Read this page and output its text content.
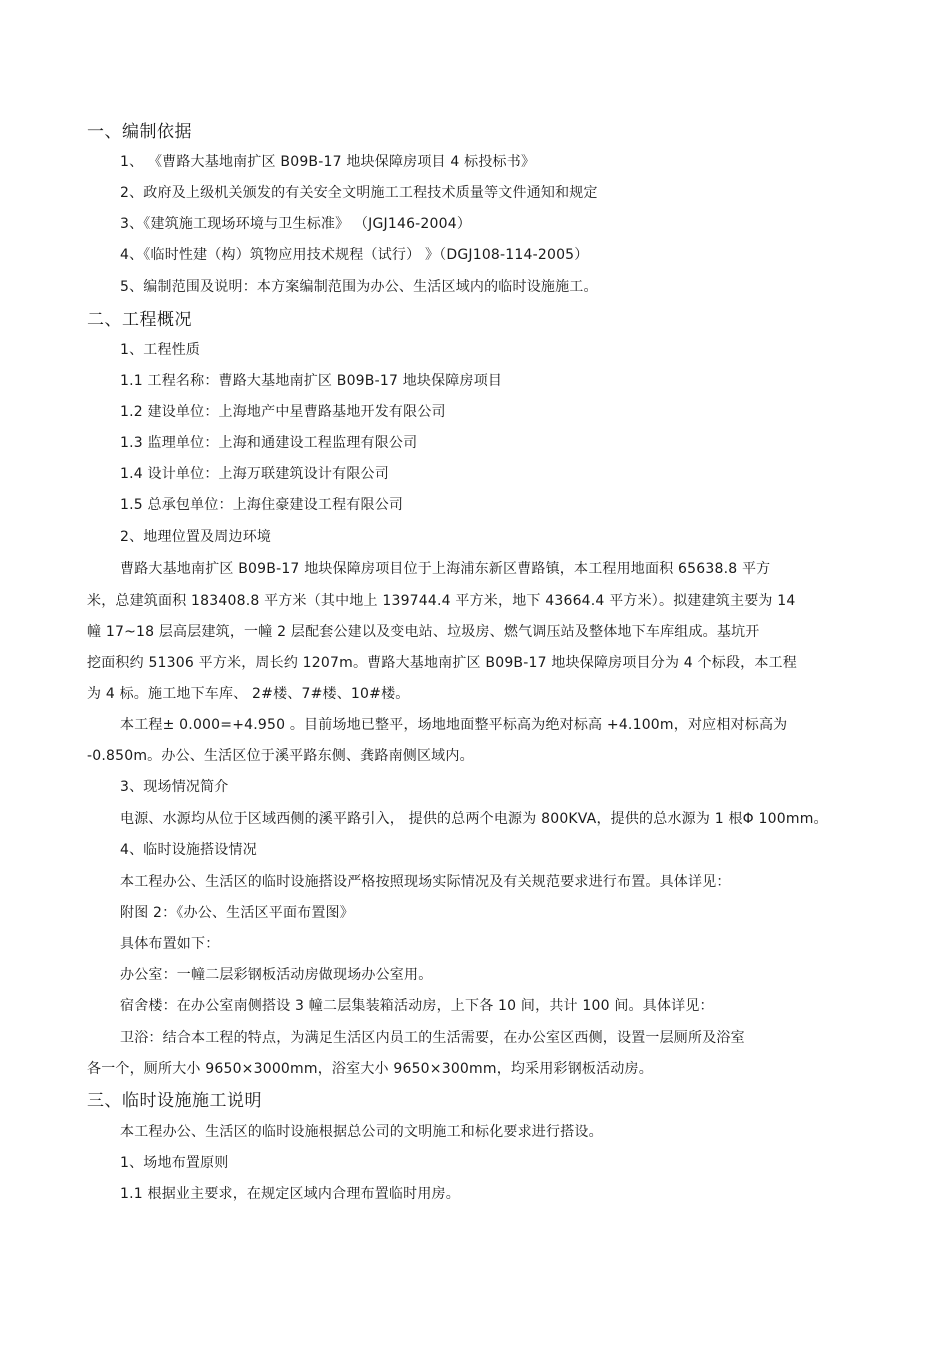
一、编制依据
1、 《曹路大基地南扩区 B09B-17 地块保障房项目 4 标投标书》
2、政府及上级机关颁发的有关安全文明施工工程技术质量等文件通知和规定
3、《建筑施工现场环境与卫生标准》 （JGJ146-2004）
4、《临时性建（构）筑物应用技术规程（试行） 》（DGJ108-114-2005）
5、编制范围及说明：本方案编制范围为办公、生活区域内的临时设施施工。
二、工程概况
1、工程性质
1.1 工程名称：曹路大基地南扩区 B09B-17 地块保障房项目
1.2 建设单位：上海地产中星曹路基地开发有限公司
1.3 监理单位：上海和通建设工程监理有限公司
1.4 设计单位：上海万联建筑设计有限公司
1.5 总承包单位：上海住豪建设工程有限公司
2、地理位置及周边环境
曹路大基地南扩区 B09B-17 地块保障房项目位于上海浦东新区曹路镇，本工程用地面积 65638.8 平方
米，总建筑面积 183408.8 平方米（其中地上 139744.4 平方米，地下 43664.4 平方米）。拟建建筑主要为 14
幢 17~18 层高层建筑，一幢 2 层配套公建以及变电站、垃圾房、燃气调压站及整体地下车库组成。基坑开
挖面积约 51306 平方米，周长约 1207m。曹路大基地南扩区 B09B-17 地块保障房项目分为 4 个标段，本工程
为 4 标。施工地下车库、 2#楼、7#楼、10#楼。
本工程± 0.000=+4.950 。目前场地已整平，场地地面整平标高为绝对标高 +4.100m，对应相对标高为
-0.850m。办公、生活区位于溪平路东侧、龚路南侧区域内。
3、现场情况简介
电源、水源均从位于区域西侧的溪平路引入， 提供的总两个电源为 800KVA，提供的总水源为 1 根Φ 100mm。
4、临时设施搭设情况
本工程办公、生活区的临时设施搭设严格按照现场实际情况及有关规范要求进行布置。具体详见：
附图 2：《办公、生活区平面布置图》
具体布置如下：
办公室：一幢二层彩钢板活动房做现场办公室用。
宿舍楼：在办公室南侧搭设 3 幢二层集装箱活动房，上下各 10 间，共计 100 间。具体详见：
卫浴：结合本工程的特点，为满足生活区内员工的生活需要，在办公室区西侧，设置一层厕所及浴室
各一个，厕所大小 9650×3000mm，浴室大小 9650×300mm，均采用彩钢板活动房。
三、临时设施施工说明
本工程办公、生活区的临时设施根据总公司的文明施工和标化要求进行搭设。
1、场地布置原则
1.1 根据业主要求，在规定区域内合理布置临时用房。
